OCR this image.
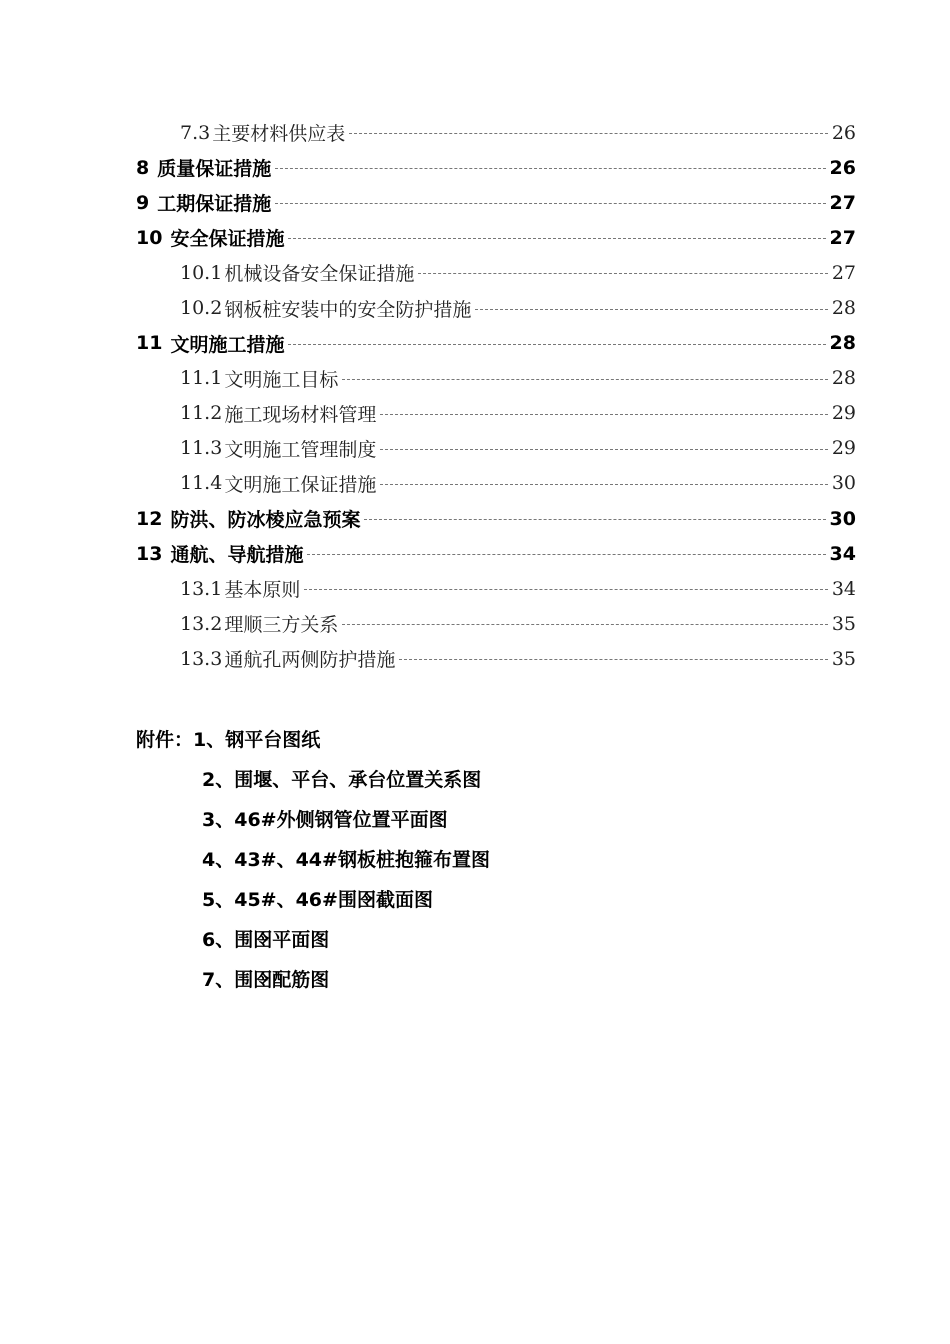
7.3 主要材料供应表	26
8 质量保证措施	26
9 工期保证措施	27
10 安全保证措施	27
10.1 机械设备安全保证措施	27
10.2 钢板桩安装中的安全防护措施	28
11 文明施工措施	28
11.1 文明施工目标	28
11.2 施工现场材料管理	29
11.3 文明施工管理制度	29
11.4 文明施工保证措施	30
12 防洪、防冰棱应急预案	30
13 通航、导航措施	34
13.1 基本原则	34
13.2 理顺三方关系	35
13.3 通航孔两侧防护措施	35
附件：1、钢平台图纸
2、围堰、平台、承台位置关系图
3、46#外侧钢管位置平面图
4、43#、44#钢板桩抱箍布置图
5、45#、46#围囹截面图
6、围囹平面图
7、围囹配筋图
